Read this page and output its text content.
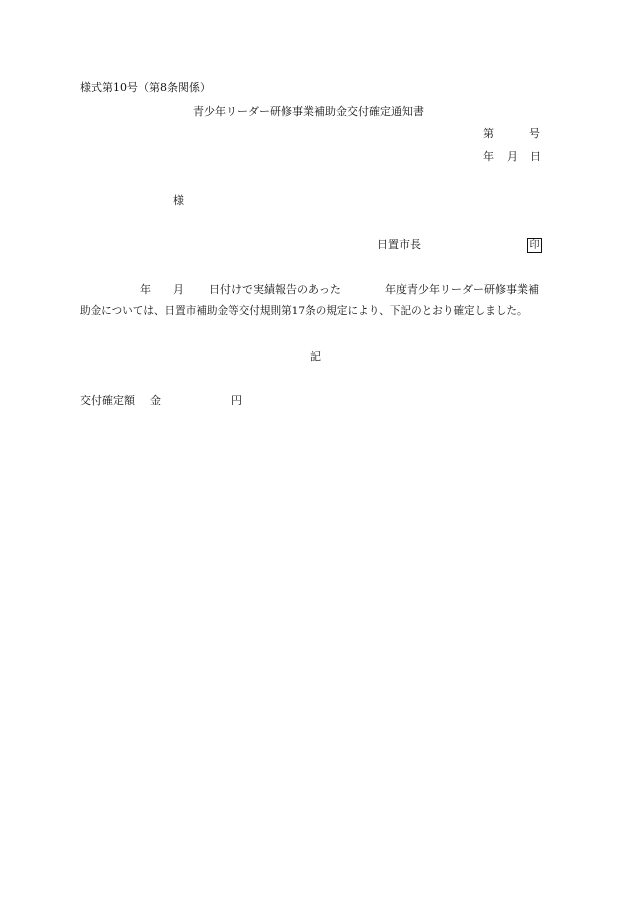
様式第10号（第8条関係）
青少年リーダー研修事業補助金交付確定通知書
第	号
年 月 日
様
日置市長	印
年 月 日付けで実績報告のあった	年度青少年リーダー研修事業補
助金については、日置市補助金等交付規則第17条の規定により、下記のとおり確定しました。
記
交付確定額 金	円
